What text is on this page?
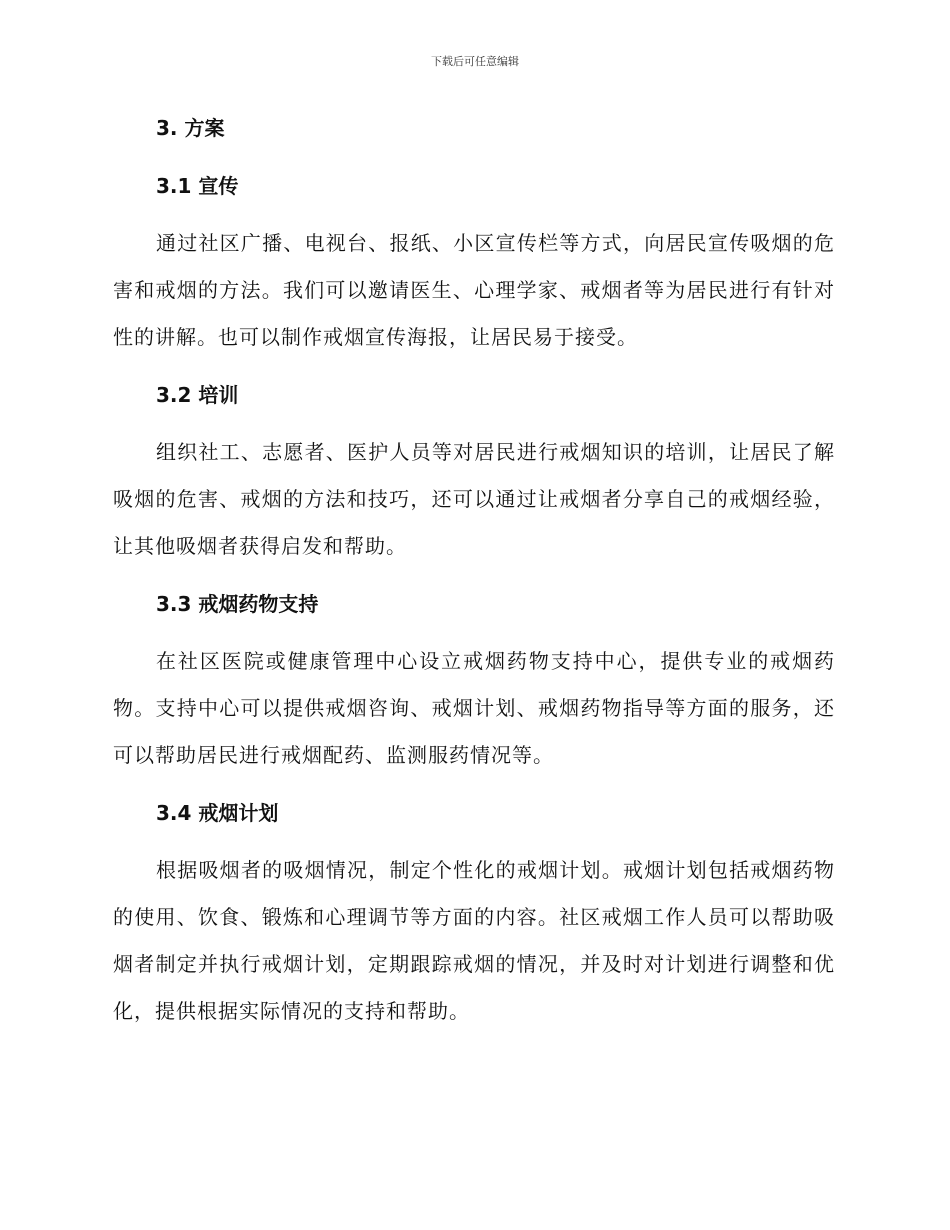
下载后可任意编辑
3. 方案
3.1 宣传

通过社区广播、电视台、报纸、小区宣传栏等方式，向居民宣传吸烟的危害和戒烟的方法。我们可以邀请医生、心理学家、戒烟者等为居民进行有针对性的讲解。也可以制作戒烟宣传海报，让居民易于接受。

3.2 培训

组织社工、志愿者、医护人员等对居民进行戒烟知识的培训，让居民了解吸烟的危害、戒烟的方法和技巧，还可以通过让戒烟者分享自己的戒烟经验，让其他吸烟者获得启发和帮助。

3.3 戒烟药物支持

在社区医院或健康管理中心设立戒烟药物支持中心，提供专业的戒烟药物。支持中心可以提供戒烟咨询、戒烟计划、戒烟药物指导等方面的服务，还可以帮助居民进行戒烟配药、监测服药情况等。

3.4 戒烟计划

根据吸烟者的吸烟情况，制定个性化的戒烟计划。戒烟计划包括戒烟药物的使用、饮食、锻炼和心理调节等方面的内容。社区戒烟工作人员可以帮助吸烟者制定并执行戒烟计划，定期跟踪戒烟的情况，并及时对计划进行调整和优化，提供根据实际情况的支持和帮助。
